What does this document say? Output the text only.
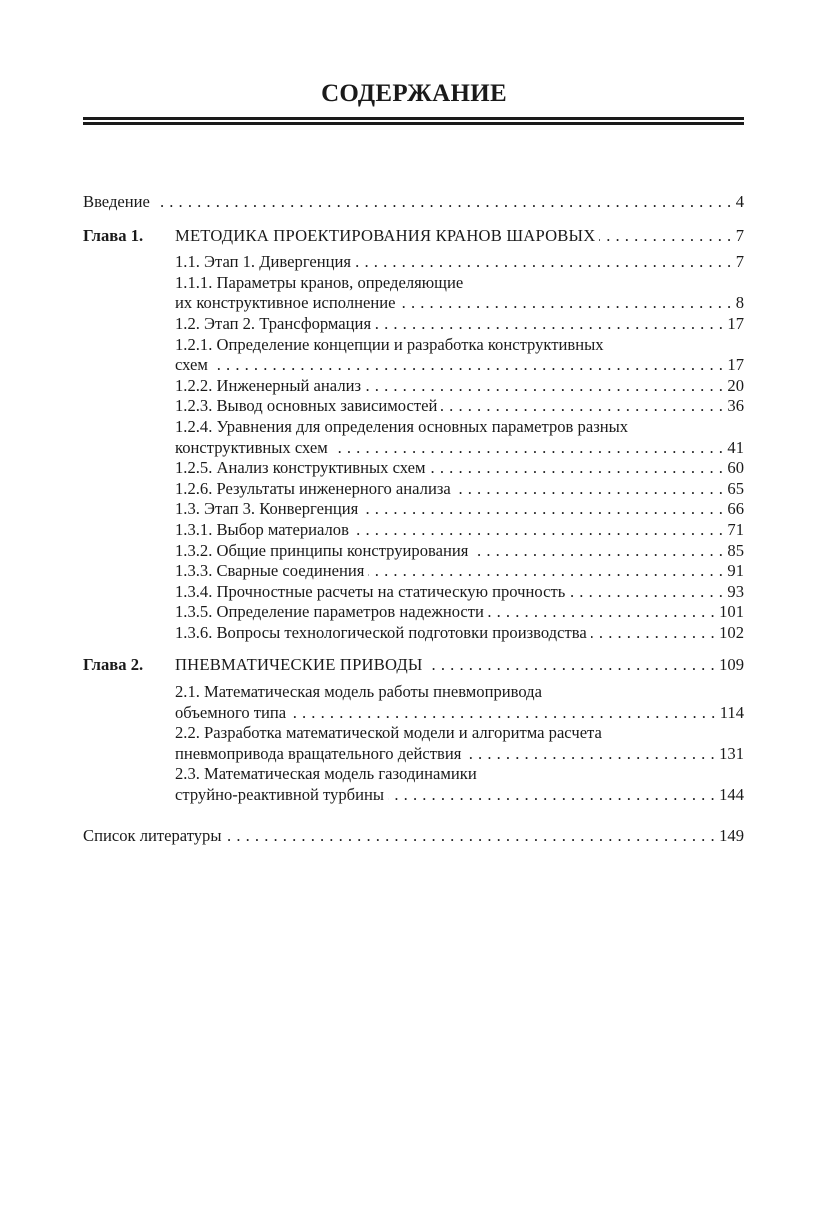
СОДЕРЖАНИЕ
Введение . . .	4
Глава 1.	МЕТОДИКА ПРОЕКТИРОВАНИЯ КРАНОВ ШАРОВЫХ . . .	7
1.1. Этап 1. Дивергенция . . .	7
1.1.1. Параметры кранов, определяющие
их конструктивное исполнение . . .	8
1.2. Этап 2. Трансформация . . .	17
1.2.1. Определение концепции и разработка конструктивных
схем . . .	17
1.2.2. Инженерный анализ . . .	20
1.2.3. Вывод основных зависимостей . . .	36
1.2.4. Уравнения для определения основных параметров разных
конструктивных схем . . .	41
1.2.5. Анализ конструктивных схем . . .	60
1.2.6. Результаты инженерного анализа . . .	65
1.3. Этап 3. Конвергенция . . .	66
1.3.1. Выбор материалов . . .	71
1.3.2. Общие принципы конструирования . . .	85
1.3.3. Сварные соединения . . .	91
1.3.4. Прочностные расчеты на статическую прочность . . .	93
1.3.5. Определение параметров надежности . . .	101
1.3.6. Вопросы технологической подготовки производства . . .	102
Глава 2.	ПНЕВМАТИЧЕСКИЕ ПРИВОДЫ . . .	109
2.1. Математическая модель работы пневмопривода
объемного типа . . .	114
2.2. Разработка математической модели и алгоритма расчета
пневмопривода вращательного действия . . .	131
2.3. Математическая модель газодинамики
струйно-реактивной турбины . . .	144
Список литературы . . .	149
